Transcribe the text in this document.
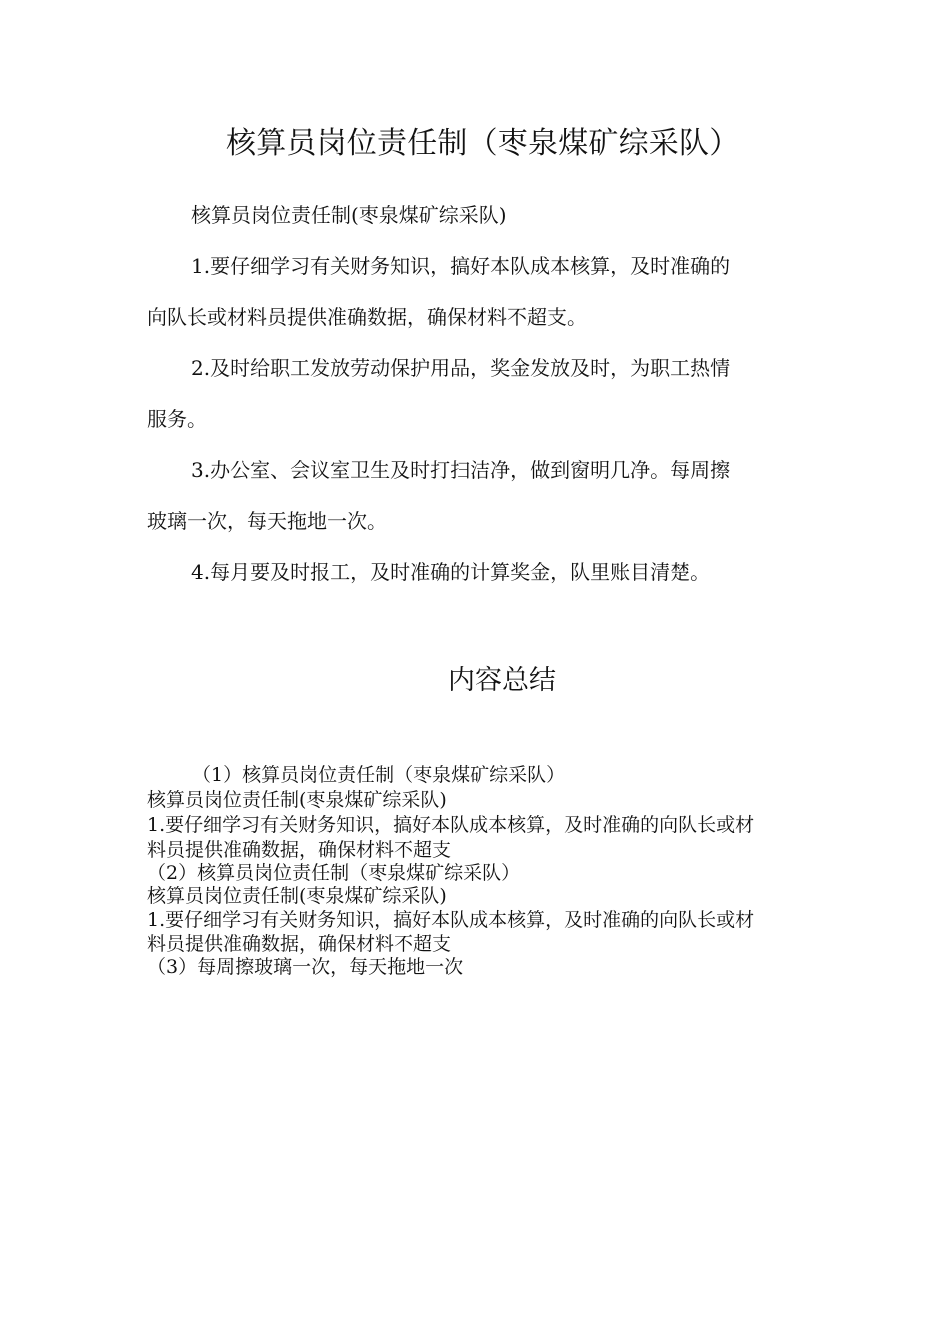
核算员岗位责任制（枣泉煤矿综采队）
核算员岗位责任制(枣泉煤矿综采队)
1.要仔细学习有关财务知识，搞好本队成本核算，及时准确的
向队长或材料员提供准确数据，确保材料不超支。
2.及时给职工发放劳动保护用品，奖金发放及时，为职工热情
服务。
3.办公室、会议室卫生及时打扫洁净，做到窗明几净。每周擦
玻璃一次，每天拖地一次。
4.每月要及时报工，及时准确的计算奖金，队里账目清楚。
内容总结
（1）核算员岗位责任制（枣泉煤矿综采队）
核算员岗位责任制(枣泉煤矿综采队)
1.要仔细学习有关财务知识，搞好本队成本核算，及时准确的向队长或材
料员提供准确数据，确保材料不超支
（2）核算员岗位责任制（枣泉煤矿综采队）
核算员岗位责任制(枣泉煤矿综采队)
1.要仔细学习有关财务知识，搞好本队成本核算，及时准确的向队长或材
料员提供准确数据，确保材料不超支
（3）每周擦玻璃一次，每天拖地一次
